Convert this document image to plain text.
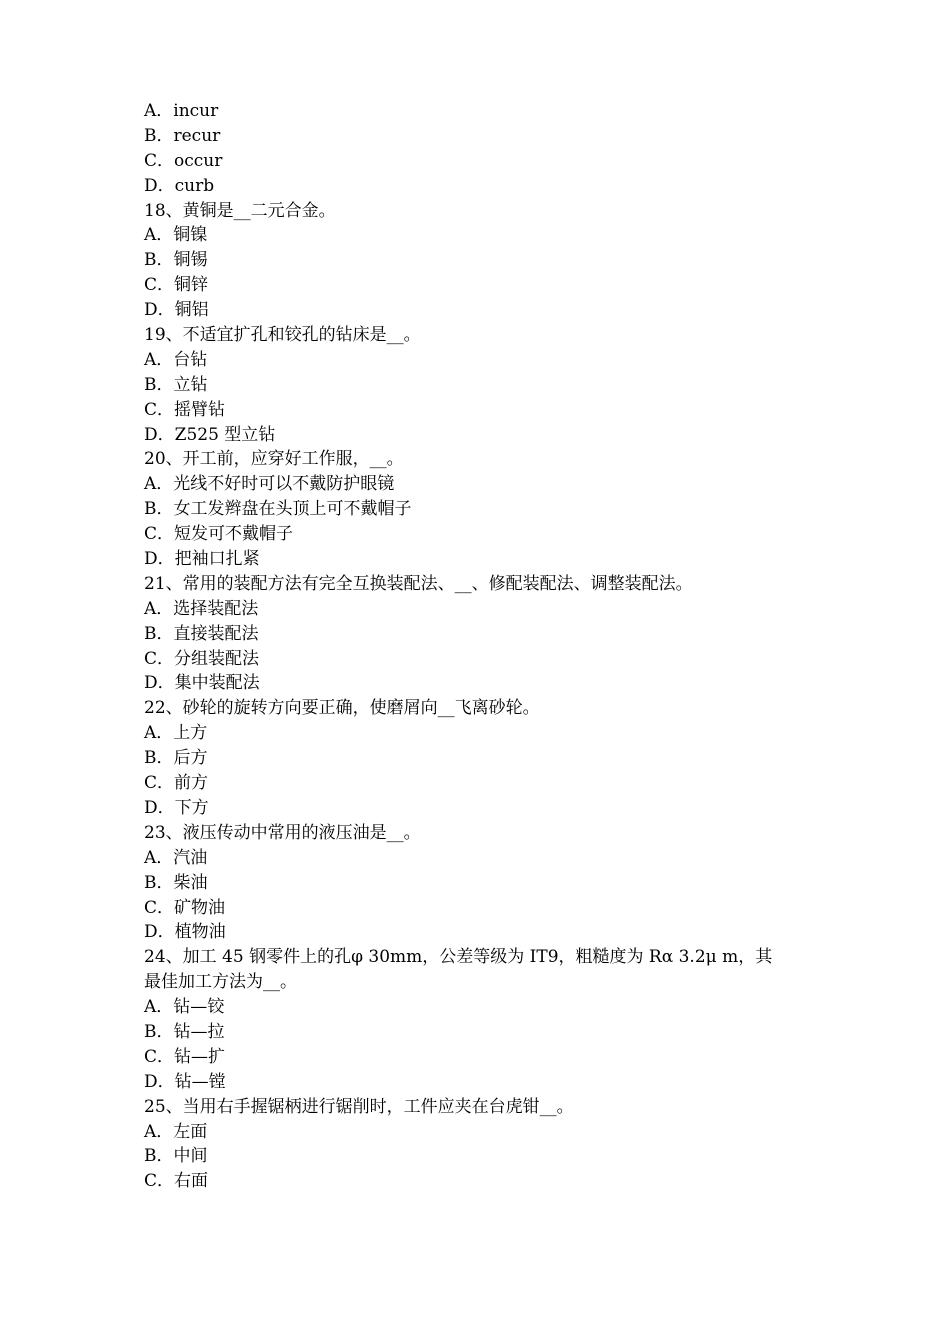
A．incur
B．recur
C．occur
D．curb
18、黄铜是__二元合金。
A．铜镍
B．铜锡
C．铜锌
D．铜铝
19、不适宜扩孔和铰孔的钻床是__。
A．台钻
B．立钻
C．摇臂钻
D．Z525 型立钻
20、开工前，应穿好工作服，__。
A．光线不好时可以不戴防护眼镜
B．女工发辫盘在头顶上可不戴帽子
C．短发可不戴帽子
D．把袖口扎紧
21、常用的装配方法有完全互换装配法、__、修配装配法、调整装配法。
A．选择装配法
B．直接装配法
C．分组装配法
D．集中装配法
22、砂轮的旋转方向要正确，使磨屑向__飞离砂轮。
A．上方
B．后方
C．前方
D．下方
23、液压传动中常用的液压油是__。
A．汽油
B．柴油
C．矿物油
D．植物油
24、加工 45 钢零件上的孔φ 30mm，公差等级为 IT9，粗糙度为 Rα 3.2μ m，其
最佳加工方法为__。
A．钻—铰
B．钻—拉
C．钻—扩
D．钻—镗
25、当用右手握锯柄进行锯削时，工件应夹在台虎钳__。
A．左面
B．中间
C．右面
